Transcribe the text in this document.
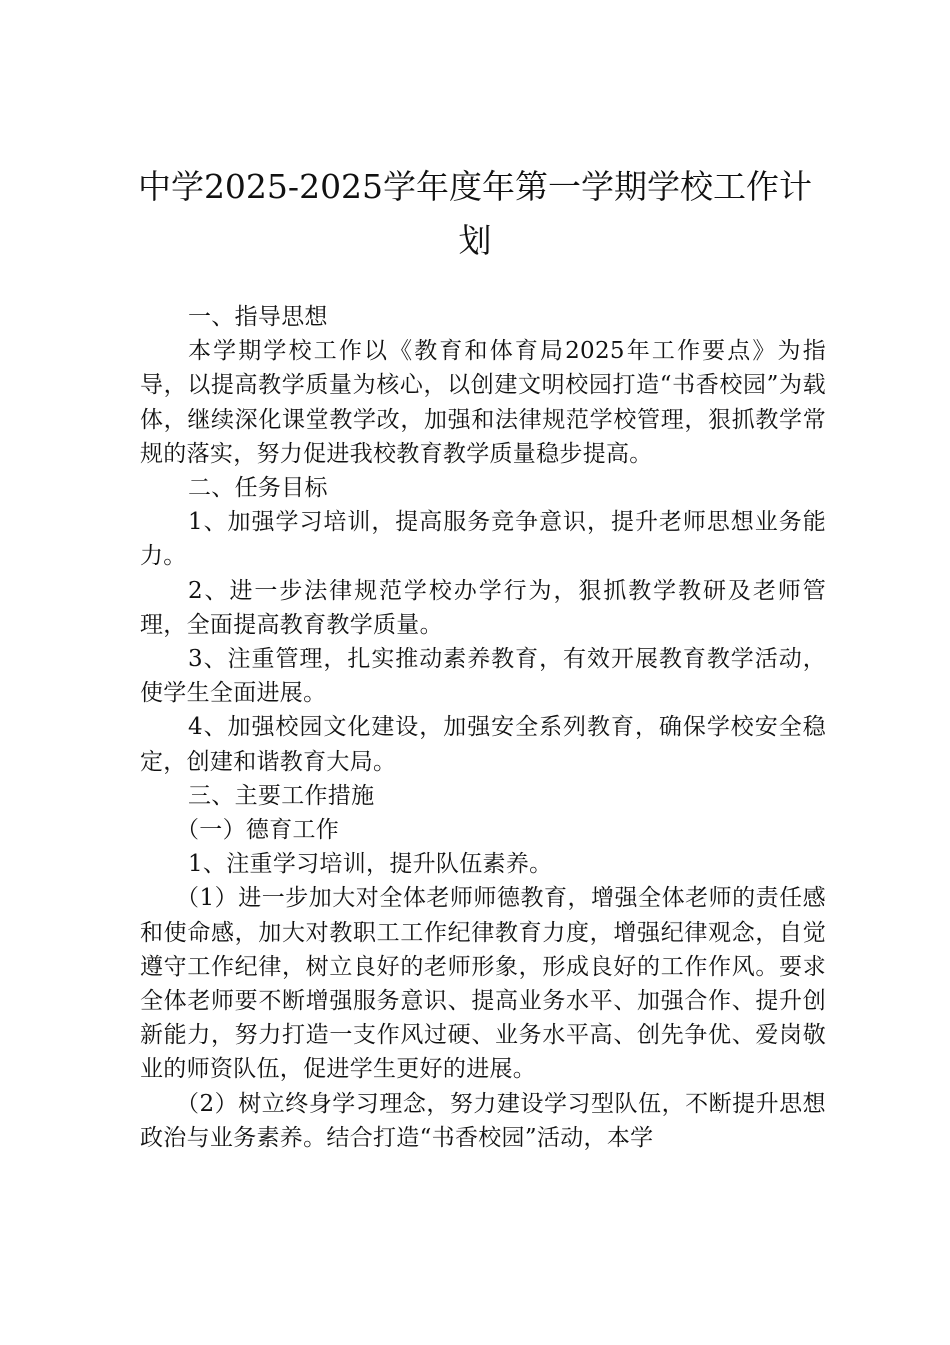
中学2025-2025学年度年第一学期学校工作计划

一、指导思想

本学期学校工作以《教育和体育局2025年工作要点》为指导，以提高教学质量为核心，以创建文明校园打造“书香校园”为载体，继续深化课堂教学改，加强和法律规范学校管理，狠抓教学常规的落实，努力促进我校教育教学质量稳步提高。

二、任务目标

1、加强学习培训，提高服务竞争意识，提升老师思想业务能力。

2、进一步法律规范学校办学行为，狠抓教学教研及老师管理，全面提高教育教学质量。

3、注重管理，扎实推动素养教育，有效开展教育教学活动，使学生全面进展。

4、加强校园文化建设，加强安全系列教育，确保学校安全稳定，创建和谐教育大局。

三、主要工作措施

（一）德育工作

1、注重学习培训，提升队伍素养。

（1）进一步加大对全体老师师德教育，增强全体老师的责任感和使命感，加大对教职工工作纪律教育力度，增强纪律观念，自觉遵守工作纪律，树立良好的老师形象，形成良好的工作作风。要求全体老师要不断增强服务意识、提高业务水平、加强合作、提升创新能力，努力打造一支作风过硬、业务水平高、创先争优、爱岗敬业的师资队伍，促进学生更好的进展。

（2）树立终身学习理念，努力建设学习型队伍，不断提升思想政治与业务素养。结合打造“书香校园”活动，本学
